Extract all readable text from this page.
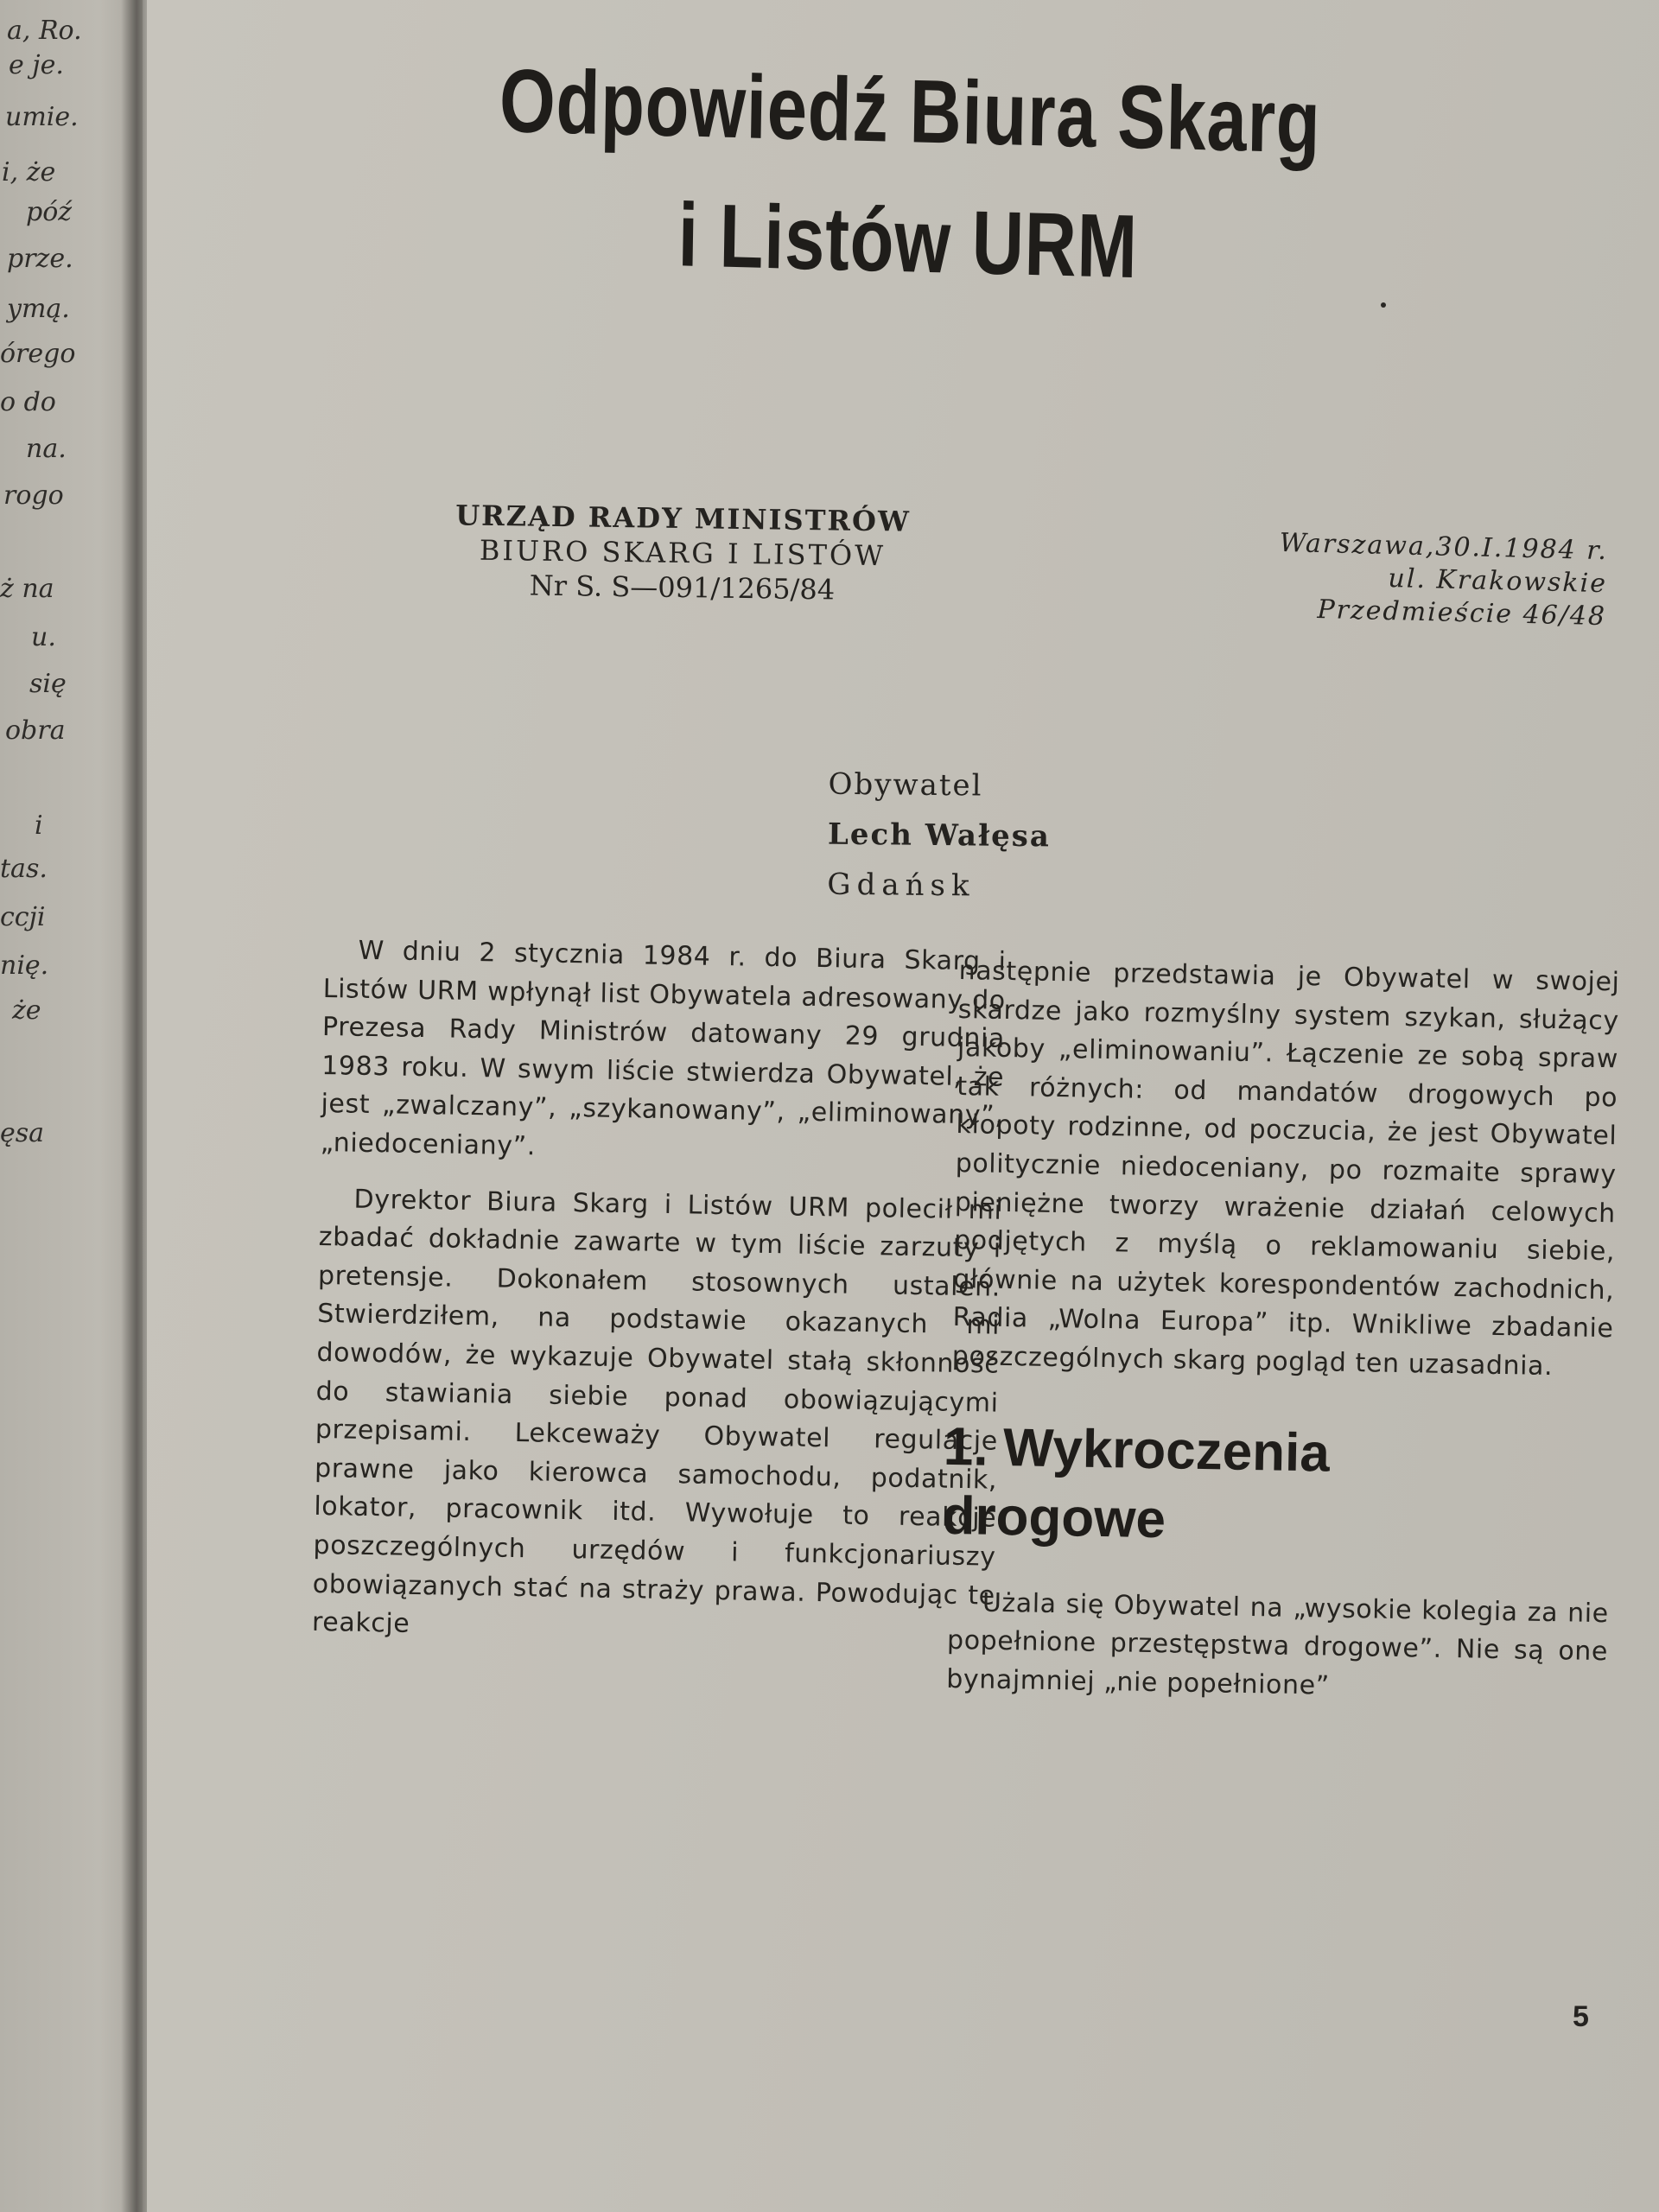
a, Ro.
e je.
umie.
i, że
póź
prze.
ymą.
órego
o do
na.
rogo
ż na
u.
się
obra
i
tas.
ccji
nię.
że
ęsa
Odpowiedź Biura Skarg
i Listów URM
URZĄD RADY MINISTRÓW
BIURO SKARG I LISTÓW
Nr S. S—091/1265/84
Warszawa,30.I.1984 r.
ul. Krakowskie
Przedmieście 46/48
Obywatel
Lech Wałęsa
Gdańsk

W dniu 2 stycznia 1984 r. do Biura Skarg i Listów URM wpłynął list Obywatela adresowany do Prezesa Rady Ministrów datowany 29 grudnia 1983 roku. W swym liście stwierdza Obywatel, że jest „zwalczany”, „szykanowany”, „eliminowany”, „niedoceniany”.

Dyrektor Biura Skarg i Listów URM polecił mi zbadać dokładnie zawarte w tym liście zarzuty i pretensje. Dokonałem stosownych ustaleń. Stwierdziłem, na podstawie okazanych mi dowodów, że wykazuje Obywatel stałą skłonność do stawiania siebie ponad obowiązującymi przepisami. Lekceważy Obywatel regulacje prawne jako kierowca samochodu, podatnik, lokator, pracownik itd. Wywołuje to reakcje poszczególnych urzędów i funkcjonariuszy obowiązanych stać na straży prawa. Powodując te reakcje

następnie przedstawia je Obywatel w swojej skardze jako rozmyślny system szykan, służący jakoby „eliminowaniu”. Łączenie ze sobą spraw tak różnych: od mandatów drogowych po kłopoty rodzinne, od poczucia, że jest Obywatel politycznie niedoceniany, po rozmaite sprawy pieniężne tworzy wrażenie działań celowych podjętych z myślą o reklamowaniu siebie, głównie na użytek korespondentów zachodnich, Radia „Wolna Europa” itp. Wnikliwe zbadanie poszczególnych skarg pogląd ten uzasadnia.

1. Wykroczenia
drogowe

Użala się Obywatel na „wysokie kolegia za nie popełnione przestępstwa drogowe”. Nie są one bynajmniej „nie popełnione”

5
